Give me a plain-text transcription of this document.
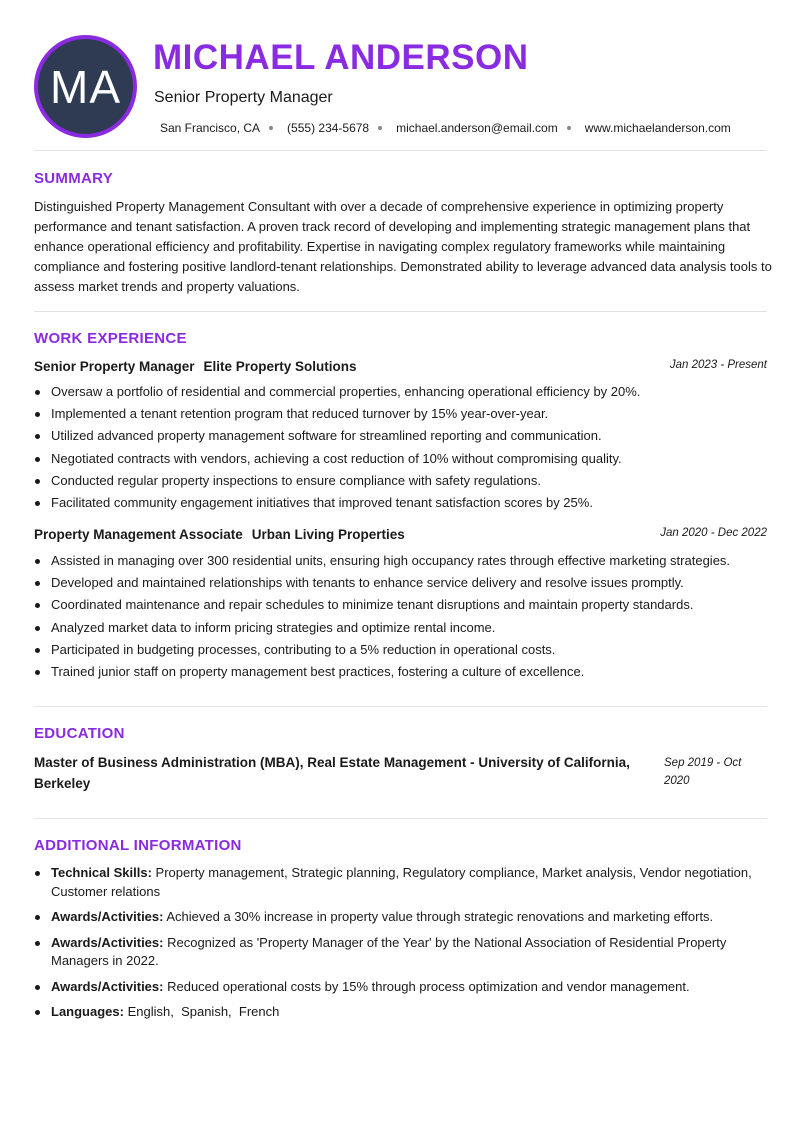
MA
MICHAEL ANDERSON
Senior Property Manager
San Francisco, CA (555) 234-5678 michael.anderson@email.com www.michaelanderson.com
SUMMARY
Distinguished Property Management Consultant with over a decade of comprehensive experience in optimizing property performance and tenant satisfaction. A proven track record of developing and implementing strategic management plans that enhance operational efficiency and profitability. Expertise in navigating complex regulatory frameworks while maintaining compliance and fostering positive landlord-tenant relationships. Demonstrated ability to leverage advanced data analysis tools to assess market trends and property valuations.
WORK EXPERIENCE
Senior Property Manager Elite Property Solutions	Jan 2023 - Present
Oversaw a portfolio of residential and commercial properties, enhancing operational efficiency by 20%.
Implemented a tenant retention program that reduced turnover by 15% year-over-year.
Utilized advanced property management software for streamlined reporting and communication.
Negotiated contracts with vendors, achieving a cost reduction of 10% without compromising quality.
Conducted regular property inspections to ensure compliance with safety regulations.
Facilitated community engagement initiatives that improved tenant satisfaction scores by 25%.
Property Management Associate Urban Living Properties	Jan 2020 - Dec 2022
Assisted in managing over 300 residential units, ensuring high occupancy rates through effective marketing strategies.
Developed and maintained relationships with tenants to enhance service delivery and resolve issues promptly.
Coordinated maintenance and repair schedules to minimize tenant disruptions and maintain property standards.
Analyzed market data to inform pricing strategies and optimize rental income.
Participated in budgeting processes, contributing to a 5% reduction in operational costs.
Trained junior staff on property management best practices, fostering a culture of excellence.
EDUCATION
Master of Business Administration (MBA), Real Estate Management - University of California, Berkeley
Sep 2019 - Oct 2020
ADDITIONAL INFORMATION
Technical Skills: Property management, Strategic planning, Regulatory compliance, Market analysis, Vendor negotiation, Customer relations
Awards/Activities: Achieved a 30% increase in property value through strategic renovations and marketing efforts.
Awards/Activities: Recognized as 'Property Manager of the Year' by the National Association of Residential Property Managers in 2022.
Awards/Activities: Reduced operational costs by 15% through process optimization and vendor management.
Languages: English,  Spanish,  French
